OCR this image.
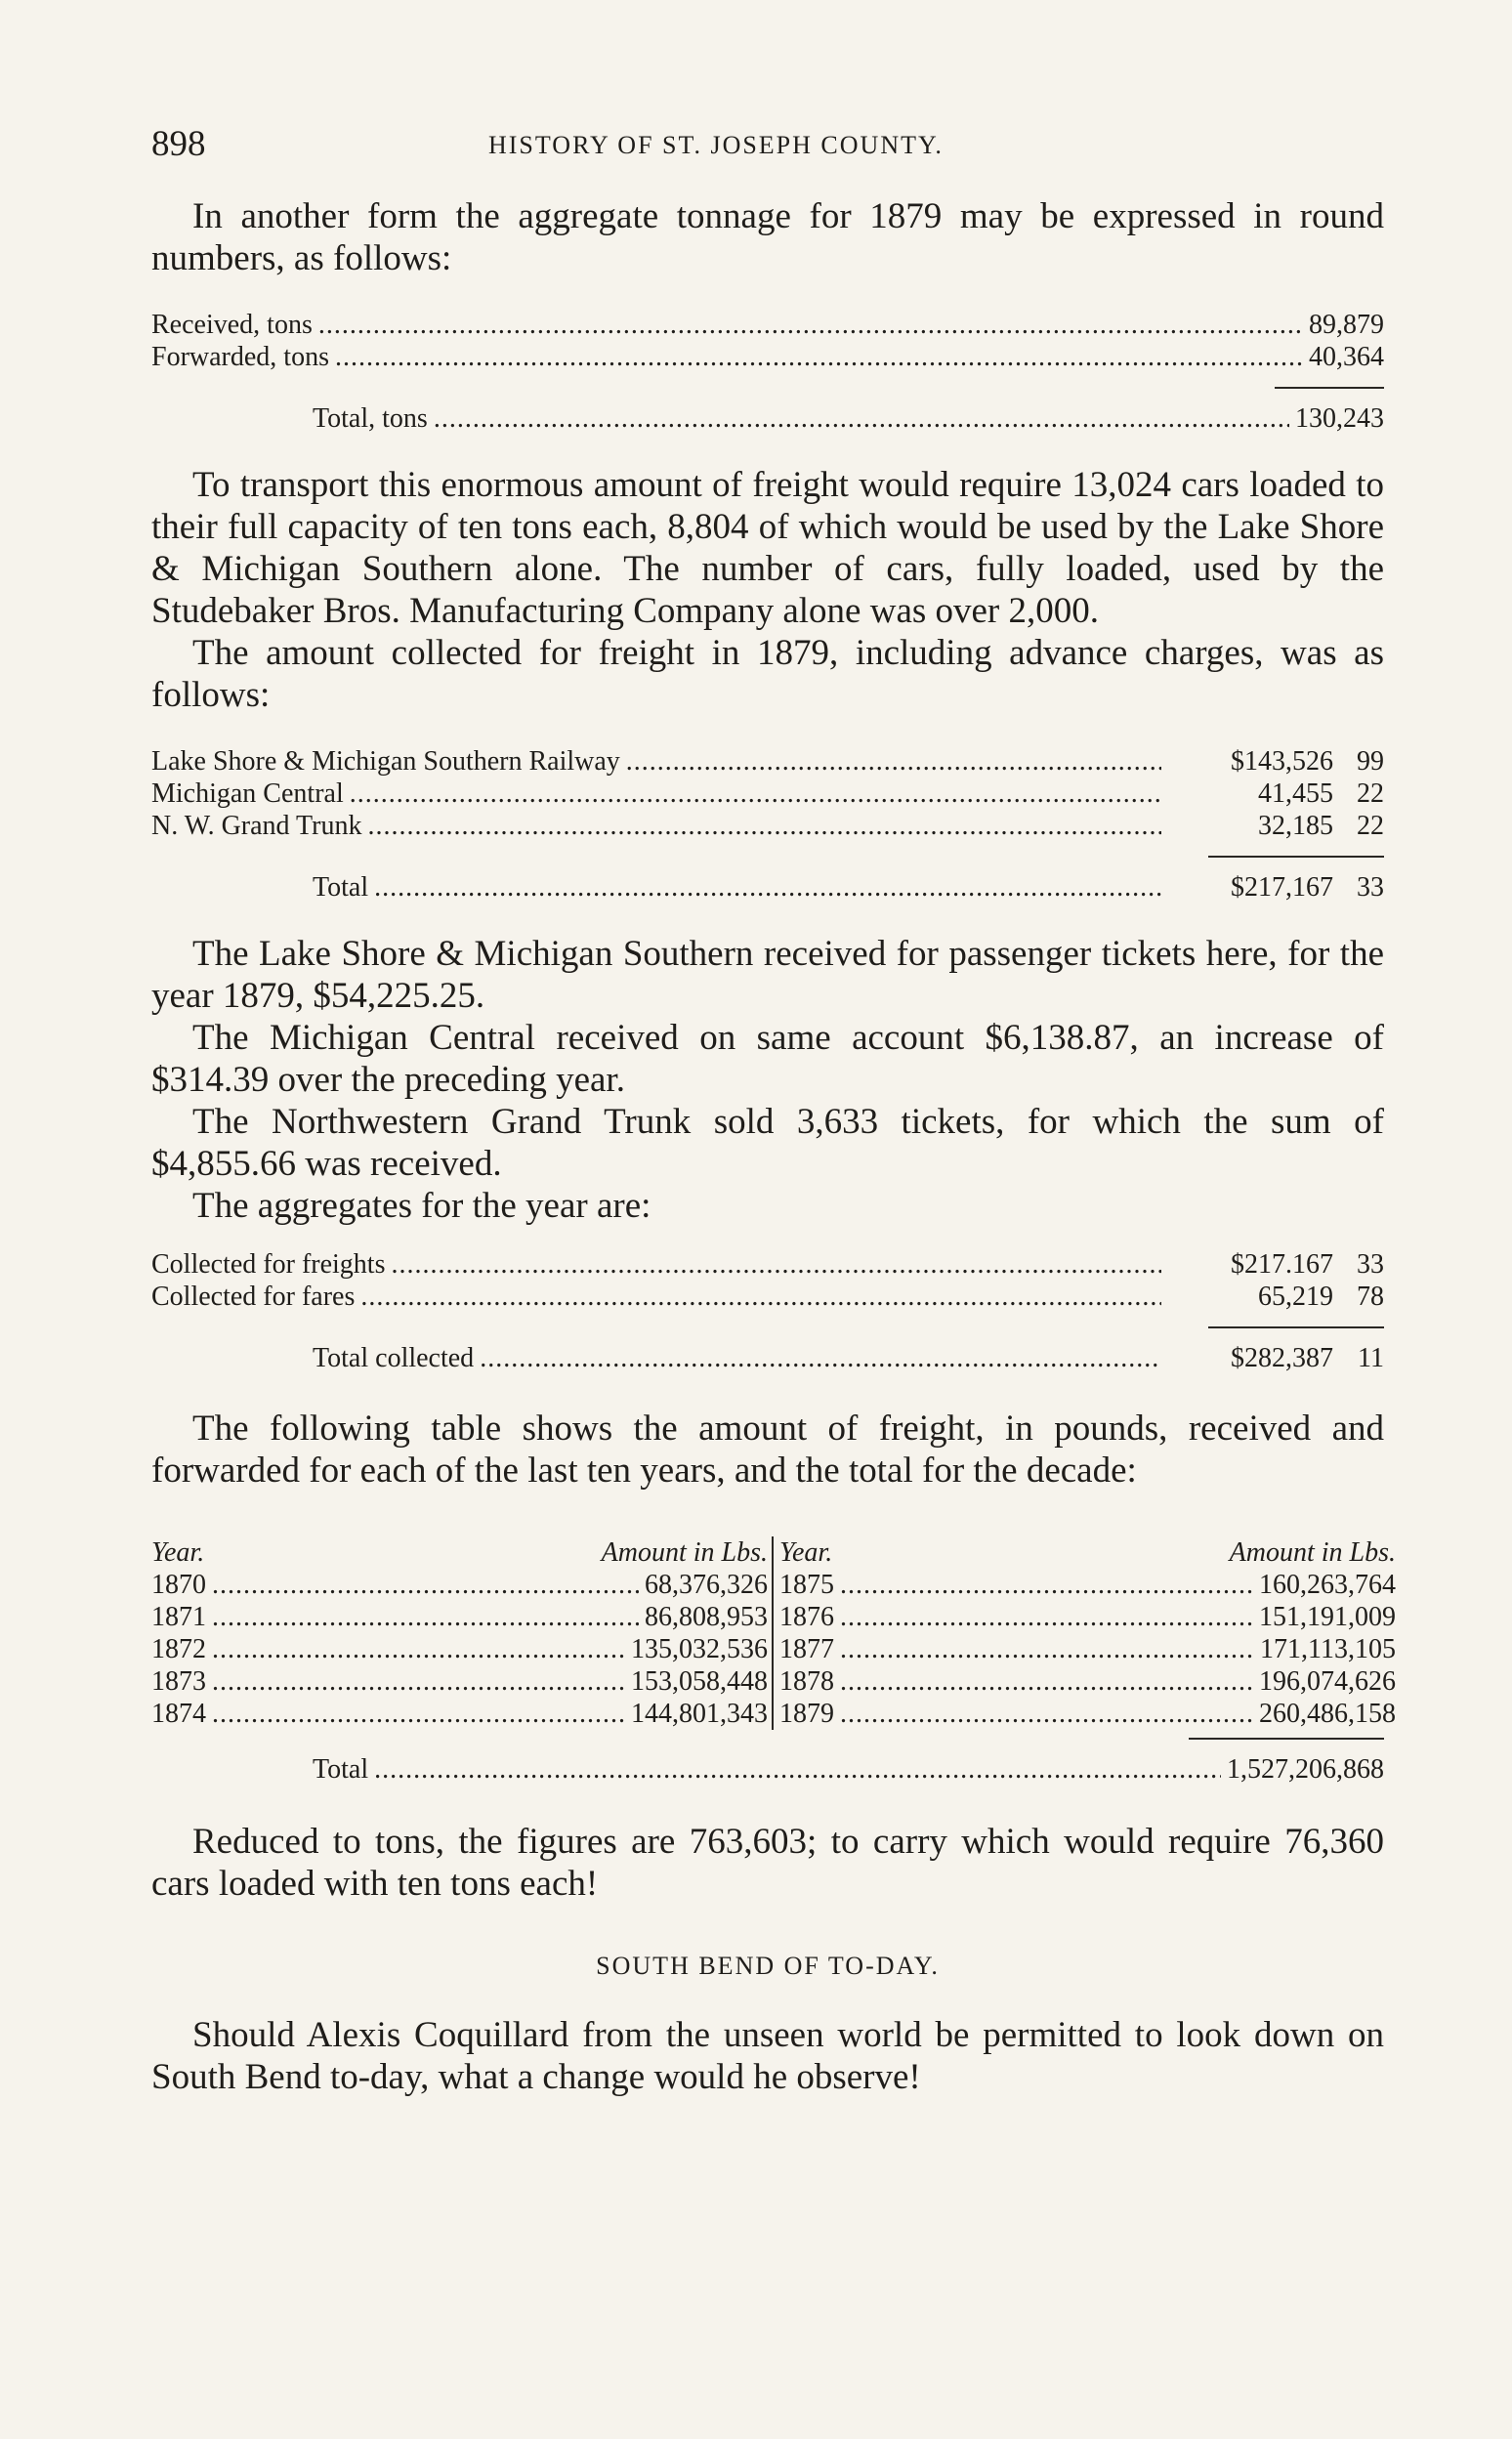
898	HISTORY OF ST. JOSEPH COUNTY.

In another form the aggregate tonnage for 1879 may be expressed in round numbers, as follows:

Received, tons . . .	89,879
Forwarded, tons . . .	40,364
Total, tons . . .	130,243

To transport this enormous amount of freight would require 13,024 cars loaded to their full capacity of ten tons each, 8,804 of which would be used by the Lake Shore & Michigan Southern alone. The number of cars, fully loaded, used by the Studebaker Bros. Manufacturing Company alone was over 2,000.

The amount collected for freight in 1879, including advance charges, was as follows:

Lake Shore & Michigan Southern Railway . . .	$143,526 99
Michigan Central . . .	41,455 22
N. W. Grand Trunk . . .	32,185 22
Total . . .	$217,167 33

The Lake Shore & Michigan Southern received for passenger tickets here, for the year 1879, $54,225.25.

The Michigan Central received on same account $6,138.87, an increase of $314.39 over the preceding year.

The Northwestern Grand Trunk sold 3,633 tickets, for which the sum of $4,855.66 was received.

The aggregates for the year are:

Collected for freights . . .	$217.167 33
Collected for fares . . .	65,219 78
Total collected . . .	$282,387 11

The following table shows the amount of freight, in pounds, received and forwarded for each of the last ten years, and the total for the decade:

Year.	Amount in Lbs.
1870 . . .	68,376,326
1871 . . .	86,808,953
1872 . . .	135,032,536
1873 . . .	153,058,448
1874 . . .	144,801,343
Year.	Amount in Lbs.
1875 . . .	160,263,764
1876 . . .	151,191,009
1877 . . .	171,113,105
1878 . . .	196,074,626
1879 . . .	260,486,158
Total . . .	1,527,206,868

Reduced to tons, the figures are 763,603; to carry which would require 76,360 cars loaded with ten tons each!

SOUTH BEND OF TO-DAY.

Should Alexis Coquillard from the unseen world be permitted to look down on South Bend to-day, what a change would he observe!
